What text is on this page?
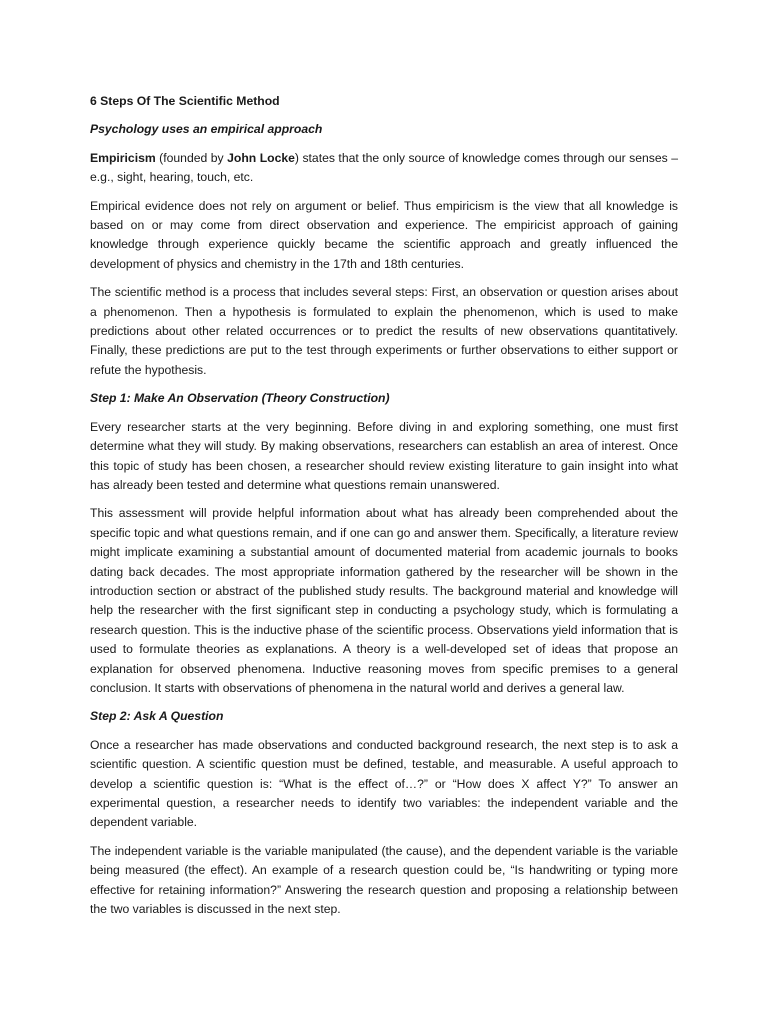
6 Steps Of The Scientific Method
Psychology uses an empirical approach

Empiricism (founded by John Locke) states that the only source of knowledge comes through our senses – e.g., sight, hearing, touch, etc.

Empirical evidence does not rely on argument or belief. Thus empiricism is the view that all knowledge is based on or may come from direct observation and experience. The empiricist approach of gaining knowledge through experience quickly became the scientific approach and greatly influenced the development of physics and chemistry in the 17th and 18th centuries.

The scientific method is a process that includes several steps: First, an observation or question arises about a phenomenon. Then a hypothesis is formulated to explain the phenomenon, which is used to make predictions about other related occurrences or to predict the results of new observations quantitatively. Finally, these predictions are put to the test through experiments or further observations to either support or refute the hypothesis.

Step 1: Make An Observation (Theory Construction)

Every researcher starts at the very beginning. Before diving in and exploring something, one must first determine what they will study. By making observations, researchers can establish an area of interest. Once this topic of study has been chosen, a researcher should review existing literature to gain insight into what has already been tested and determine what questions remain unanswered.

This assessment will provide helpful information about what has already been comprehended about the specific topic and what questions remain, and if one can go and answer them. Specifically, a literature review might implicate examining a substantial amount of documented material from academic journals to books dating back decades. The most appropriate information gathered by the researcher will be shown in the introduction section or abstract of the published study results. The background material and knowledge will help the researcher with the first significant step in conducting a psychology study, which is formulating a research question. This is the inductive phase of the scientific process. Observations yield information that is used to formulate theories as explanations. A theory is a well-developed set of ideas that propose an explanation for observed phenomena. Inductive reasoning moves from specific premises to a general conclusion. It starts with observations of phenomena in the natural world and derives a general law.

Step 2: Ask A Question

Once a researcher has made observations and conducted background research, the next step is to ask a scientific question. A scientific question must be defined, testable, and measurable. A useful approach to develop a scientific question is: “What is the effect of…?” or “How does X affect Y?” To answer an experimental question, a researcher needs to identify two variables: the independent variable and the dependent variable.

The independent variable is the variable manipulated (the cause), and the dependent variable is the variable being measured (the effect). An example of a research question could be, “Is handwriting or typing more effective for retaining information?” Answering the research question and proposing a relationship between the two variables is discussed in the next step.
